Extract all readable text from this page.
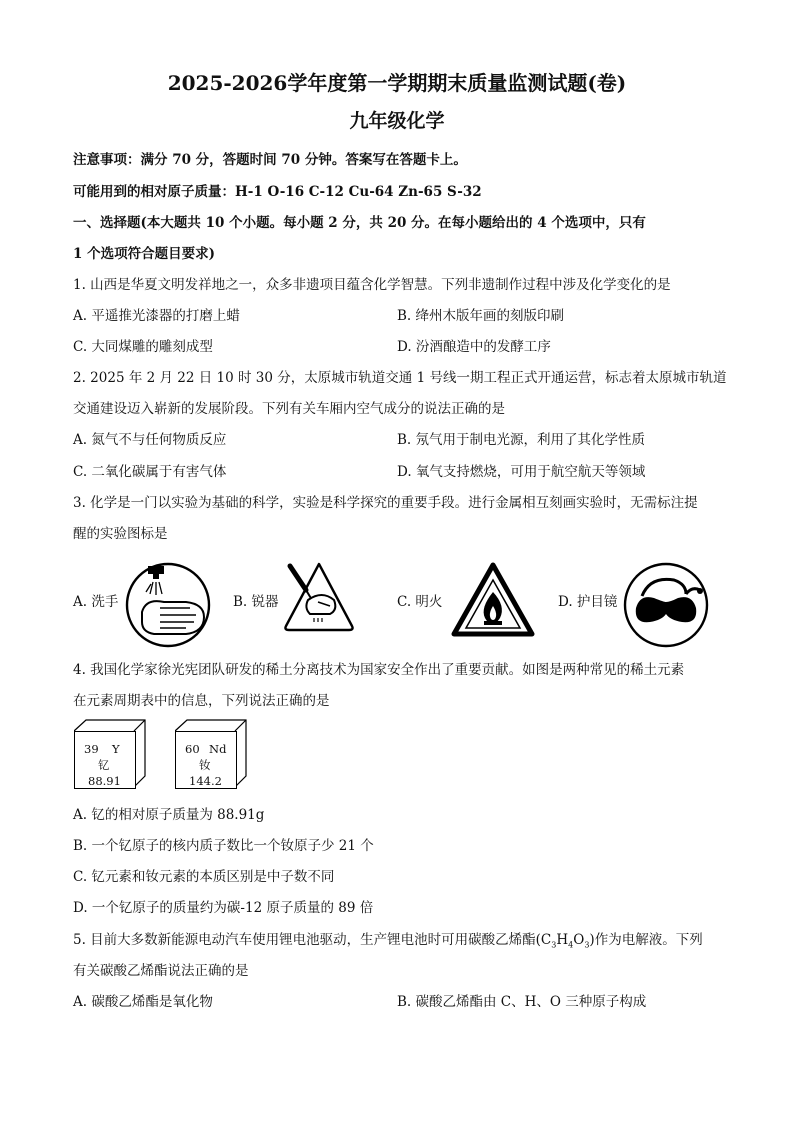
2025-2026学年度第一学期期末质量监测试题(卷)
九年级化学
注意事项：满分 70 分，答题时间 70 分钟。答案写在答题卡上。
可能用到的相对原子质量：H-1 O-16 C-12 Cu-64 Zn-65 S-32
一、选择题(本大题共 10 个小题。每小题 2 分，共 20 分。在每小题给出的 4 个选项中，只有
1 个选项符合题目要求)
1. 山西是华夏文明发祥地之一，众多非遗项目蕴含化学智慧。下列非遗制作过程中涉及化学变化的是
A. 平遥推光漆器的打磨上蜡	B. 绛州木版年画的刻版印刷
C. 大同煤雕的雕刻成型	D. 汾酒酿造中的发酵工序
2. 2025 年 2 月 22 日 10 时 30 分，太原城市轨道交通 1 号线一期工程正式开通运营，标志着太原城市轨道
交通建设迈入崭新的发展阶段。下列有关车厢内空气成分的说法正确的是
A. 氮气不与任何物质反应	B. 氖气用于制电光源，利用了其化学性质
C. 二氧化碳属于有害气体	D. 氧气支持燃烧，可用于航空航天等领域
3. 化学是一门以实验为基础的科学，实验是科学探究的重要手段。进行金属相互刻画实验时，无需标注提
醒的实验图标是
A. 洗手	B. 锐器	C. 明火	D. 护目镜
4. 我国化学家徐光宪团队研发的稀土分离技术为国家安全作出了重要贡献。如图是两种常见的稀土元素
在元素周期表中的信息，下列说法正确的是
39 Y
钇
88.91
60 Nd
钕
144.2
A. 钇的相对原子质量为 88.91g
B. 一个钇原子的核内质子数比一个钕原子少 21 个
C. 钇元素和钕元素的本质区别是中子数不同
D. 一个钇原子的质量约为碳-12 原子质量的 89 倍
5. 目前大多数新能源电动汽车使用锂电池驱动，生产锂电池时可用碳酸乙烯酯$(C_3H_4O_3)$作为电解液。下列
有关碳酸乙烯酯说法正确的是
A. 碳酸乙烯酯是氧化物	B. 碳酸乙烯酯由 C、H、O 三种原子构成
